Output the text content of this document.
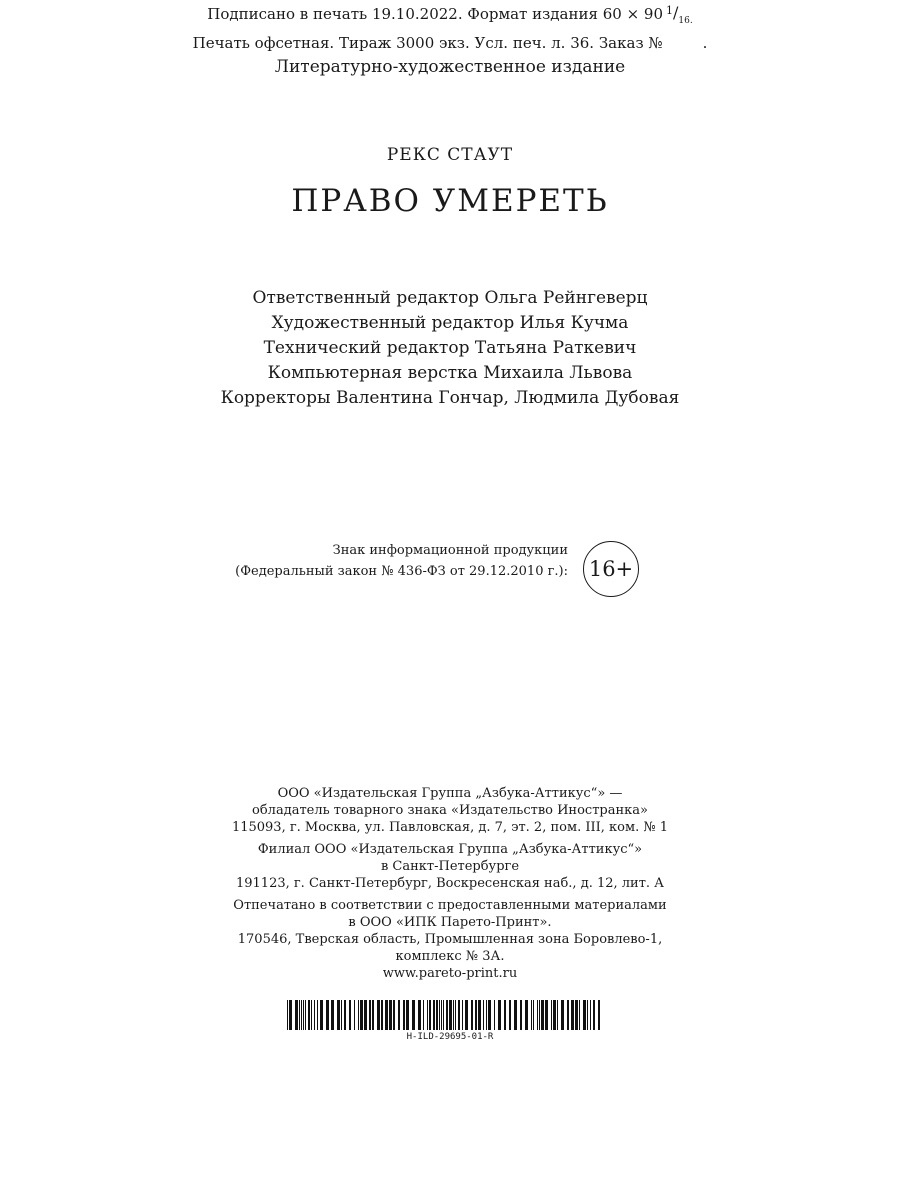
Литературно-художественное издание
РЕКС СТАУТ
ПРАВО УМЕРЕТЬ
Ответственный редактор Ольга Рейнгеверц
Художественный редактор Илья Кучма
Технический редактор Татьяна Раткевич
Компьютерная верстка Михаила Львова
Корректоры Валентина Гончар, Людмила Дубовая
Подписано в печать 19.10.2022. Формат издания 60 × 90 $^1/_{16.}$
Печать офсетная. Тираж 3000 экз. Усл. печ. л. 36. Заказ №	.
Знак информационной продукции
(Федеральный закон № 436-ФЗ от 29.12.2010 г.): 16+
ООО «Издательская Группа „Азбука-Аттикус“» —
обладатель товарного знака «Издательство Иностранка»
115093, г. Москва, ул. Павловская, д. 7, эт. 2, пом. III, ком. № 1
Филиал ООО «Издательская Группа „Азбука-Аттикус“»
в Санкт-Петербурге
191123, г. Санкт-Петербург, Воскресенская наб., д. 12, лит. А
Отпечатано в соответствии с предоставленными материалами
в ООО «ИПК Парето-Принт».
170546, Тверская область, Промышленная зона Боровлево-1,
комплекс № 3А.
www.pareto-print.ru
H-ILD-29695-01-R
